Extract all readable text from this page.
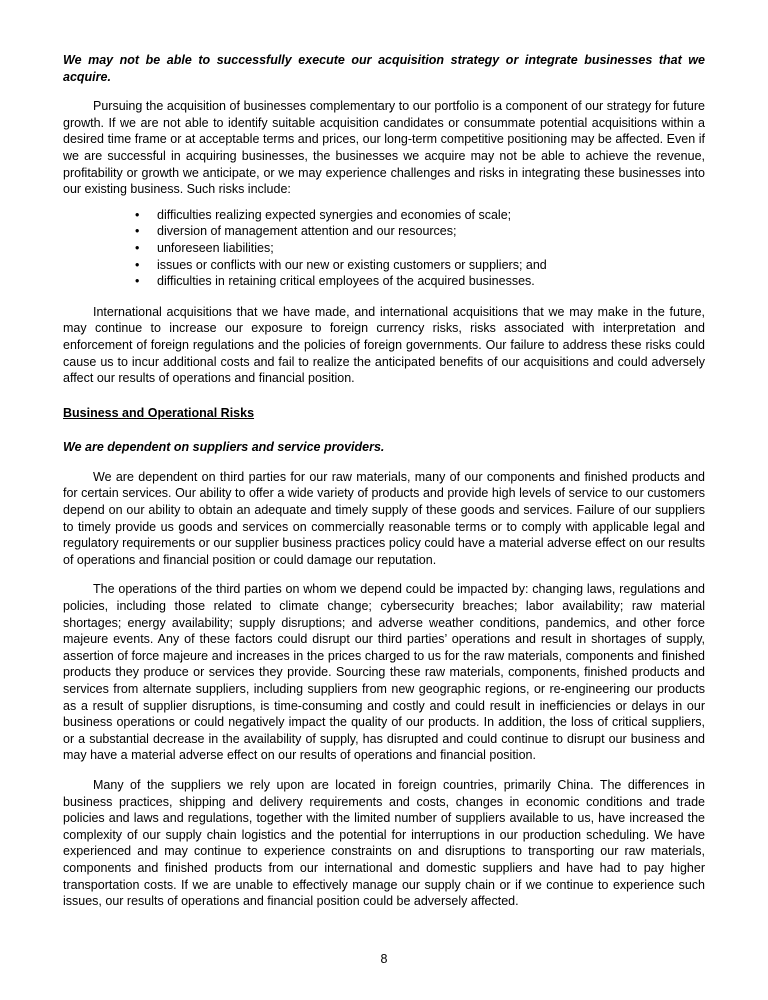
We may not be able to successfully execute our acquisition strategy or integrate businesses that we acquire.

Pursuing the acquisition of businesses complementary to our portfolio is a component of our strategy for future growth. If we are not able to identify suitable acquisition candidates or consummate potential acquisitions within a desired time frame or at acceptable terms and prices, our long-term competitive positioning may be affected. Even if we are successful in acquiring businesses, the businesses we acquire may not be able to achieve the revenue, profitability or growth we anticipate, or we may experience challenges and risks in integrating these businesses into our existing business. Such risks include:

•	difficulties realizing expected synergies and economies of scale;
•	diversion of management attention and our resources;
•	unforeseen liabilities;
•	issues or conflicts with our new or existing customers or suppliers; and
•	difficulties in retaining critical employees of the acquired businesses.

International acquisitions that we have made, and international acquisitions that we may make in the future, may continue to increase our exposure to foreign currency risks, risks associated with interpretation and enforcement of foreign regulations and the policies of foreign governments. Our failure to address these risks could cause us to incur additional costs and fail to realize the anticipated benefits of our acquisitions and could adversely affect our results of operations and financial position.

Business and Operational Risks
We are dependent on suppliers and service providers.

We are dependent on third parties for our raw materials, many of our components and finished products and for certain services. Our ability to offer a wide variety of products and provide high levels of service to our customers depend on our ability to obtain an adequate and timely supply of these goods and services. Failure of our suppliers to timely provide us goods and services on commercially reasonable terms or to comply with applicable legal and regulatory requirements or our supplier business practices policy could have a material adverse effect on our results of operations and financial position or could damage our reputation.

The operations of the third parties on whom we depend could be impacted by: changing laws, regulations and policies, including those related to climate change; cybersecurity breaches; labor availability; raw material shortages; energy availability; supply disruptions; and adverse weather conditions, pandemics, and other force majeure events. Any of these factors could disrupt our third parties’ operations and result in shortages of supply, assertion of force majeure and increases in the prices charged to us for the raw materials, components and finished products they produce or services they provide. Sourcing these raw materials, components, finished products and services from alternate suppliers, including suppliers from new geographic regions, or re-engineering our products as a result of supplier disruptions, is time-consuming and costly and could result in inefficiencies or delays in our business operations or could negatively impact the quality of our products. In addition, the loss of critical suppliers, or a substantial decrease in the availability of supply, has disrupted and could continue to disrupt our business and may have a material adverse effect on our results of operations and financial position.

Many of the suppliers we rely upon are located in foreign countries, primarily China. The differences in business practices, shipping and delivery requirements and costs, changes in economic conditions and trade policies and laws and regulations, together with the limited number of suppliers available to us, have increased the complexity of our supply chain logistics and the potential for interruptions in our production scheduling. We have experienced and may continue to experience constraints on and disruptions to transporting our raw materials, components and finished products from our international and domestic suppliers and have had to pay higher transportation costs. If we are unable to effectively manage our supply chain or if we continue to experience such issues, our results of operations and financial position could be adversely affected.

8
